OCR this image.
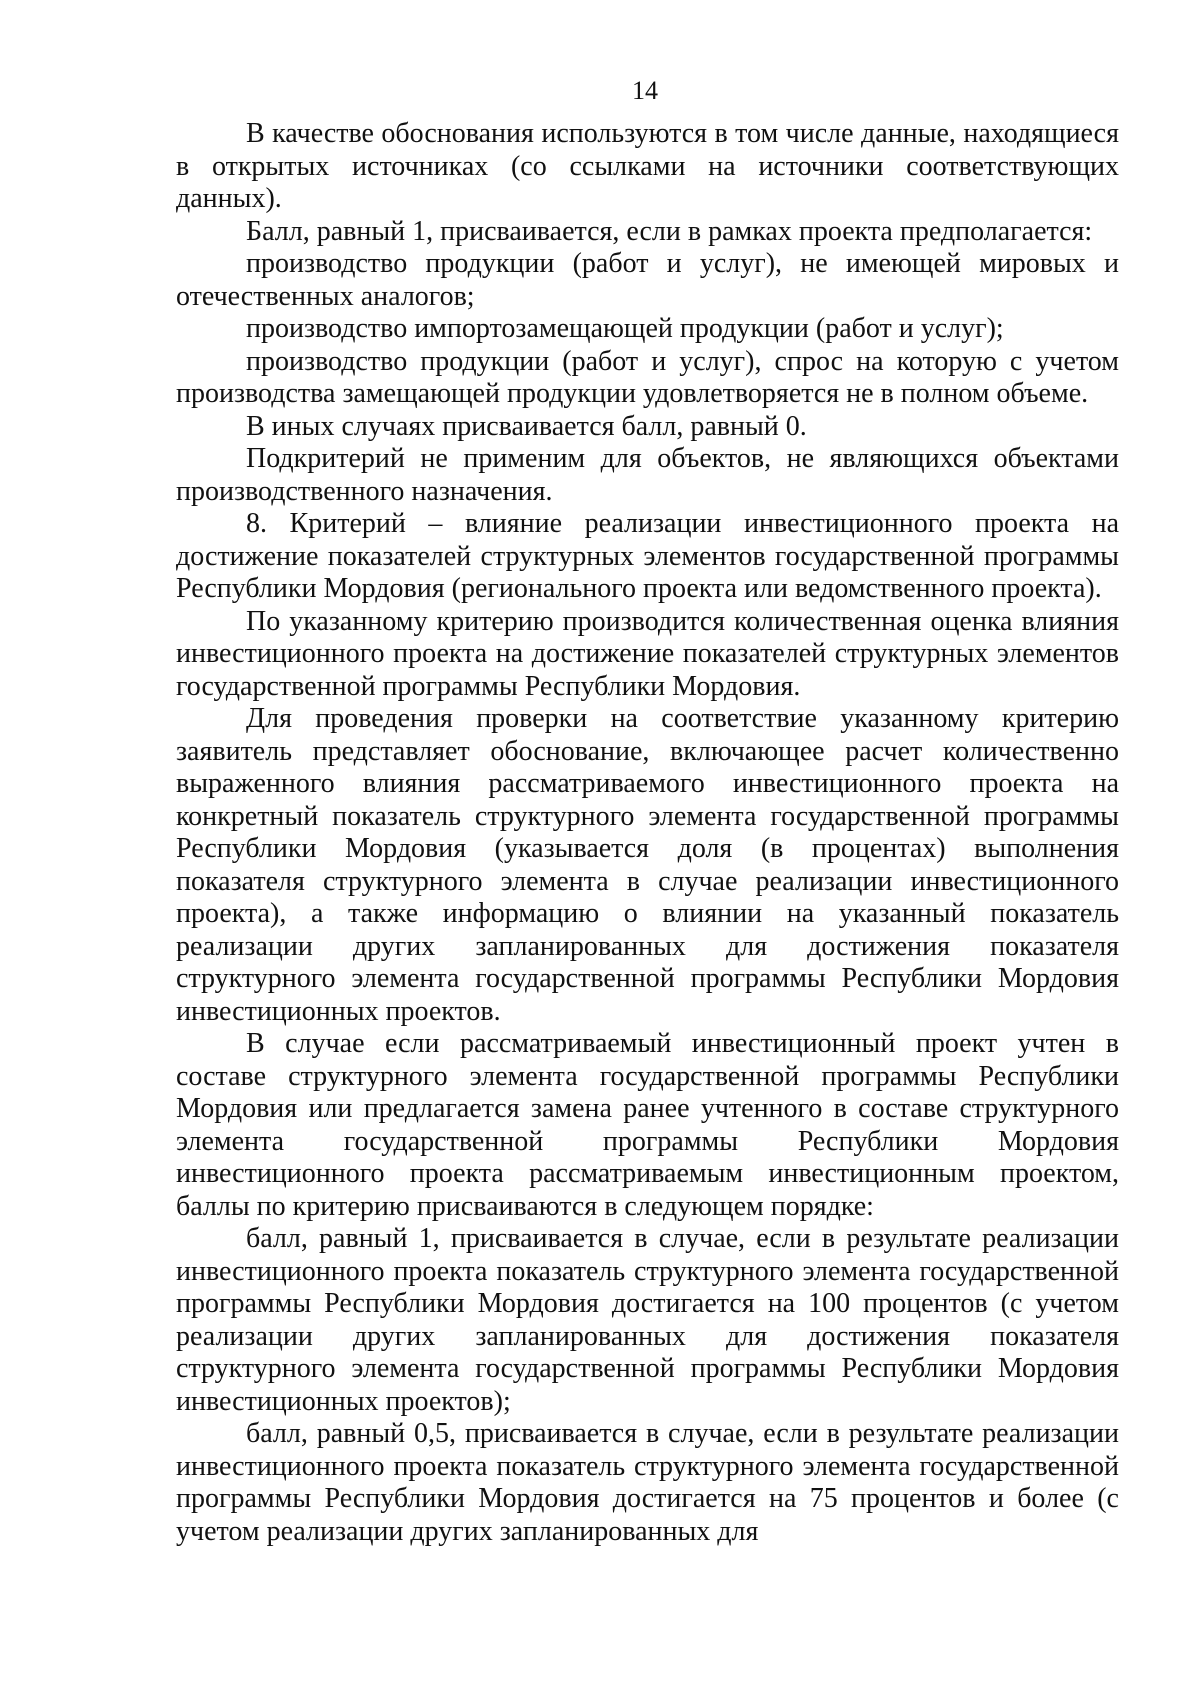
14

В качестве обоснования используются в том числе данные, находящиеся в открытых источниках (со ссылками на источники соответствующих данных).

Балл, равный 1, присваивается, если в рамках проекта предполагается:

производство продукции (работ и услуг), не имеющей мировых и отечественных аналогов;

производство импортозамещающей продукции (работ и услуг);

производство продукции (работ и услуг), спрос на которую с учетом производства замещающей продукции удовлетворяется не в полном объеме.

В иных случаях присваивается балл, равный 0.

Подкритерий не применим для объектов, не являющихся объектами производственного назначения.

8. Критерий – влияние реализации инвестиционного проекта на достижение показателей структурных элементов государственной программы Республики Мордовия (регионального проекта или ведомственного проекта).

По указанному критерию производится количественная оценка влияния инвестиционного проекта на достижение показателей структурных элементов государственной программы Республики Мордовия.

Для проведения проверки на соответствие указанному критерию заявитель представляет обоснование, включающее расчет количественно выраженного влияния рассматриваемого инвестиционного проекта на конкретный показатель структурного элемента государственной программы Республики Мордовия (указывается доля (в процентах) выполнения показателя структурного элемента в случае реализации инвестиционного проекта), а также информацию о влиянии на указанный показатель реализации других запланированных для достижения показателя структурного элемента государственной программы Республики Мордовия инвестиционных проектов.

В случае если рассматриваемый инвестиционный проект учтен в составе структурного элемента государственной программы Республики Мордовия или предлагается замена ранее учтенного в составе структурного элемента государственной программы Республики Мордовия инвестиционного проекта рассматриваемым инвестиционным проектом, баллы по критерию присваиваются в следующем порядке:

балл, равный 1, присваивается в случае, если в результате реализации инвестиционного проекта показатель структурного элемента государственной программы Республики Мордовия достигается на 100 процентов (с учетом реализации других запланированных для достижения показателя структурного элемента государственной программы Республики Мордовия инвестиционных проектов);

балл, равный 0,5, присваивается в случае, если в результате реализации инвестиционного проекта показатель структурного элемента государственной программы Республики Мордовия достигается на 75 процентов и более (с учетом реализации других запланированных для
